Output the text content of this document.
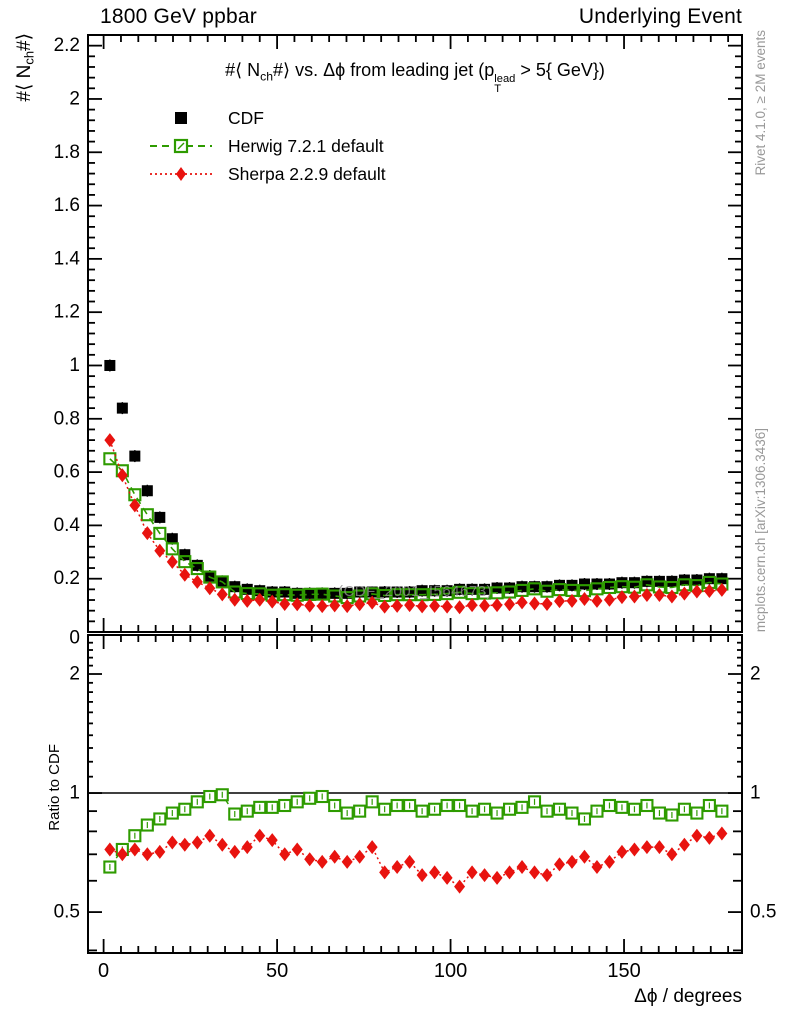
0
0.2
0.4
0.6
0.8
1
1.2
1.4
1.6
1.8
2
2.2
0.5	0.5
1	1
2	2
0	50	100	150
1800 GeV ppbar	Underlying Event
#⟨ $N_{ch}\#⟩$ vs. Δϕ from leading jet (p lead
T
> 5{ GeV})
#⟨ $N_{ch}\#⟩$
Ratio to CDF
CDF
Herwig 7.2.1 default
Sherpa 2.2.9 default
(CDF_2001_I564673)
Rivet 4.1.0, ≥ 2M events
mcplots.cern.ch [arXiv:1306.3436]
Δϕ / degrees
